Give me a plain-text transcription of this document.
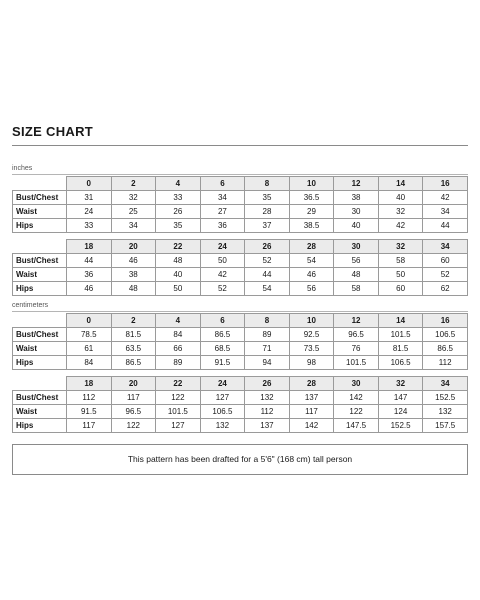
SIZE CHART
inches
	0	2	4	6	8	10	12	14	16
Bust/Chest	31	32	33	34	35	36.5	38	40	42
Waist	24	25	26	27	28	29	30	32	34
Hips	33	34	35	36	37	38.5	40	42	44
	18	20	22	24	26	28	30	32	34
Bust/Chest	44	46	48	50	52	54	56	58	60
Waist	36	38	40	42	44	46	48	50	52
Hips	46	48	50	52	54	56	58	60	62
centimeters
	0	2	4	6	8	10	12	14	16
Bust/Chest	78.5	81.5	84	86.5	89	92.5	96.5	101.5	106.5
Waist	61	63.5	66	68.5	71	73.5	76	81.5	86.5
Hips	84	86.5	89	91.5	94	98	101.5	106.5	112
	18	20	22	24	26	28	30	32	34
Bust/Chest	112	117	122	127	132	137	142	147	152.5
Waist	91.5	96.5	101.5	106.5	112	117	122	124	132
Hips	117	122	127	132	137	142	147.5	152.5	157.5
This pattern has been drafted for a 5'6" (168 cm) tall person
